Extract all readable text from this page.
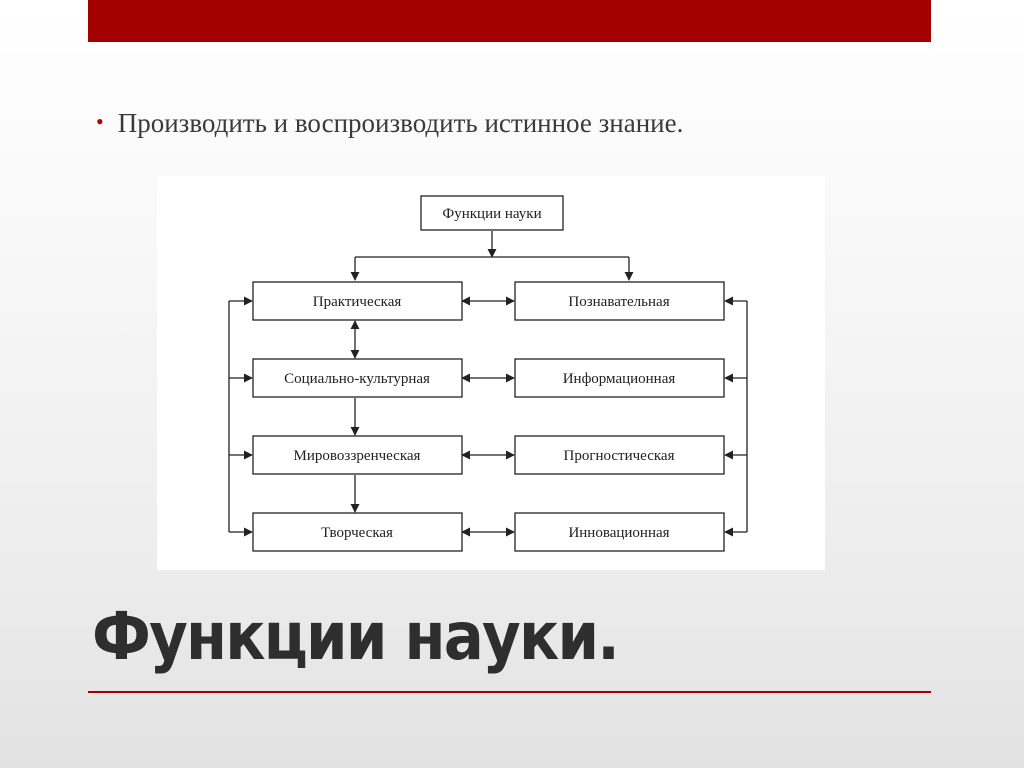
• Производить и воспроизводить истинное знание.
Функции науки
Практическая
Социально-культурная
Мировоззренческая
Творческая
Познавательная
Информационная
Прогностическая
Инновационная
Функции науки.
